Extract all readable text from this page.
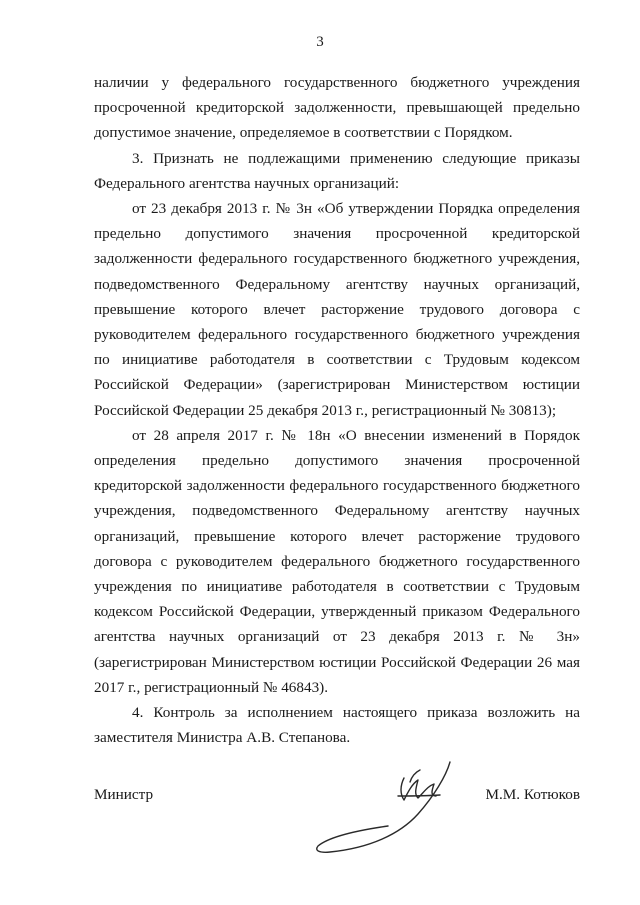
3

наличии у федерального государственного бюджетного учреждения просроченной кредиторской задолженности, превышающей предельно допустимое значение, определяемое в соответствии с Порядком.

3. Признать не подлежащими применению следующие приказы Федерального агентства научных организаций:

от 23 декабря 2013 г. № 3н «Об утверждении Порядка определения предельно допустимого значения просроченной кредиторской задолженности федерального государственного бюджетного учреждения, подведомственного Федеральному агентству научных организаций, превышение которого влечет расторжение трудового договора с руководителем федерального государственного бюджетного учреждения по инициативе работодателя в соответствии с Трудовым кодексом Российской Федерации» (зарегистрирован Министерством юстиции Российской Федерации 25 декабря 2013 г., регистрационный № 30813);

от 28 апреля 2017 г. № 18н «О внесении изменений в Порядок определения предельно допустимого значения просроченной кредиторской задолженности федерального государственного бюджетного учреждения, подведомственного Федеральному агентству научных организаций, превышение которого влечет расторжение трудового договора с руководителем федерального бюджетного государственного учреждения по инициативе работодателя в соответствии с Трудовым кодексом Российской Федерации, утвержденный приказом Федерального агентства научных организаций от 23 декабря 2013 г. № 3н» (зарегистрирован Министерством юстиции Российской Федерации 26 мая 2017 г., регистрационный № 46843).

4. Контроль за исполнением настоящего приказа возложить на заместителя Министра А.В. Степанова.

Министр	М.М. Котюков
